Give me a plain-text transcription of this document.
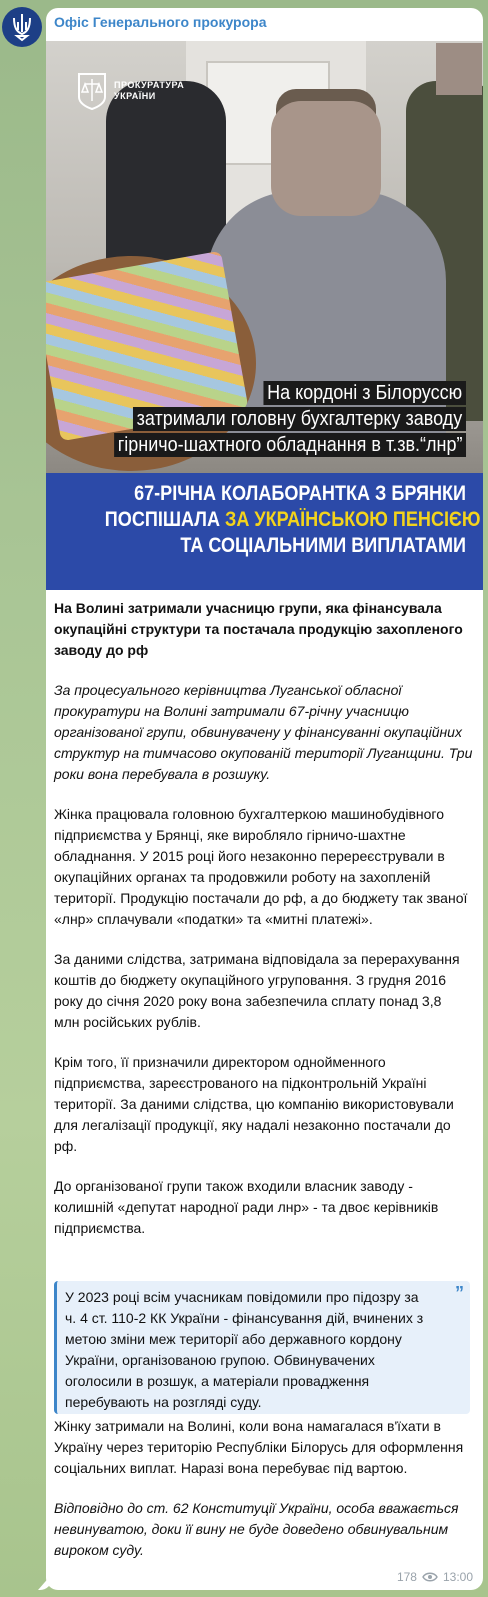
Офіс Генерального прокурора
ПРОКУРАТУРА
УКРАЇНИ
На кордоні з Білоруссю
затримали головну бухгалтерку заводу
гірничо-шахтного обладнання в т.зв.“лнр”
67-РІЧНА КОЛАБОРАНТКА З БРЯНКИ
ПОСПІШАЛА ЗА УКРАЇНСЬКОЮ ПЕНСІЄЮ
ТА СОЦІАЛЬНИМИ ВИПЛАТАМИ
На Волині затримали учасницю групи, яка фінансувала
окупаційні структури та постачала продукцію захопленого
заводу до рф
За процесуального керівництва Луганської обласної
прокуратури на Волині затримали 67-річну учасницю
організованої групи, обвинувачену у фінансуванні окупаційних
структур на тимчасово окупованій території Луганщини. Три
роки вона перебувала в розшуку.
Жінка працювала головною бухгалтеркою машинобудівного
підприємства у Брянці, яке виробляло гірничо-шахтне
обладнання. У 2015 році його незаконно перереєстрували в
окупаційних органах та продовжили роботу на захопленій
території. Продукцію постачали до рф, а до бюджету так званої
«лнр» сплачували «податки» та «митні платежі».
За даними слідства, затримана відповідала за перерахування
коштів до бюджету окупаційного угруповання. З грудня 2016
року до січня 2020 року вона забезпечила сплату понад 3,8
млн російських рублів.
Крім того, її призначили директором однойменного
підприємства, зареєстрованого на підконтрольній Україні
території. За даними слідства, цю компанію використовували
для легалізації продукції, яку надалі незаконно постачали до
рф.
До організованої групи також входили власник заводу -
колишній «депутат народної ради лнр» - та двоє керівників
підприємства.
Жінку затримали на Волині, коли вона намагалася в'їхати в
Україну через територію Республіки Білорусь для оформлення
соціальних виплат. Наразі вона перебуває під вартою.
Відповідно до ст. 62 Конституції України, особа вважається
невинуватою, доки її вину не буде доведено обвинувальним
вироком суду.
У 2023 році всім учасникам повідомили про підозру за
ч. 4 ст. 110-2 КК України - фінансування дій, вчинених з
метою зміни меж території або державного кордону
України, організованою групою. Обвинувачених
оголосили в розшук, а матеріали провадження
перебувають на розгляді суду.
”
178 13:00
